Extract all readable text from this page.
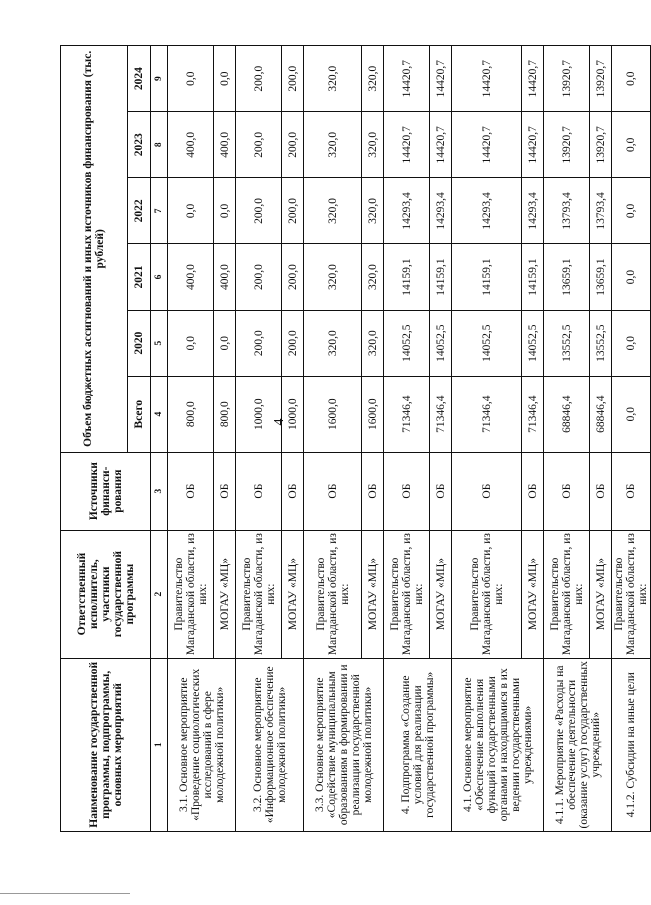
4
Наименование государственной программы, подпрограммы, основных мероприятий	Ответственный исполнитель, участники государственной программы	Источники финанси-рования	Объем бюджетных ассигнований и иных источников финансирования (тыс. рублей)					
			Всего	2020	2021	2022	2023	2024
1	2	3	4	5	6	7	8	9
3.1. Основное мероприятие «Проведение социологических исследований в сфере молодежной политики»	Правительство Магаданской области, из них:	ОБ	800,0	0,0	400,0	0,0	400,0	0,0
	МОГАУ «МЦ»	ОБ	800,0	0,0	400,0	0,0	400,0	0,0
3.2. Основное мероприятие «Информационное обеспечение молодежной политики»	Правительство Магаданской области, из них:	ОБ	1000,0	200,0	200,0	200,0	200,0	200,0
	МОГАУ «МЦ»	ОБ	1000,0	200,0	200,0	200,0	200,0	200,0
3.3. Основное мероприятие «Содействие муниципальным образованиям в формировании и реализации государственной молодежной политики»	Правительство Магаданской области, из них:	ОБ	1600,0	320,0	320,0	320,0	320,0	320,0
	МОГАУ «МЦ»	ОБ	1600,0	320,0	320,0	320,0	320,0	320,0
4. Подпрограмма «Создание условий для реализации государственной программы»	Правительство Магаданской области, из них:	ОБ	71346,4	14052,5	14159,1	14293,4	14420,7	14420,7
	МОГАУ «МЦ»	ОБ	71346,4	14052,5	14159,1	14293,4	14420,7	14420,7
4.1. Основное мероприятие «Обеспечение выполнения функций государственными органами и находящимися в их ведении государственными учреждениями»	Правительство Магаданской области, из них:	ОБ	71346,4	14052,5	14159,1	14293,4	14420,7	14420,7
	МОГАУ «МЦ»	ОБ	71346,4	14052,5	14159,1	14293,4	14420,7	14420,7
4.1.1. Мероприятие «Расходы на обеспечение деятельности (оказание услуг) государственных учреждений»	Правительство Магаданской области, из них:	ОБ	68846,4	13552,5	13659,1	13793,4	13920,7	13920,7
	МОГАУ «МЦ»	ОБ	68846,4	13552,5	13659,1	13793,4	13920,7	13920,7
4.1.2. Субсидии на иные цели	Правительство Магаданской области, из них:	ОБ	0,0	0,0	0,0	0,0	0,0	0,0
